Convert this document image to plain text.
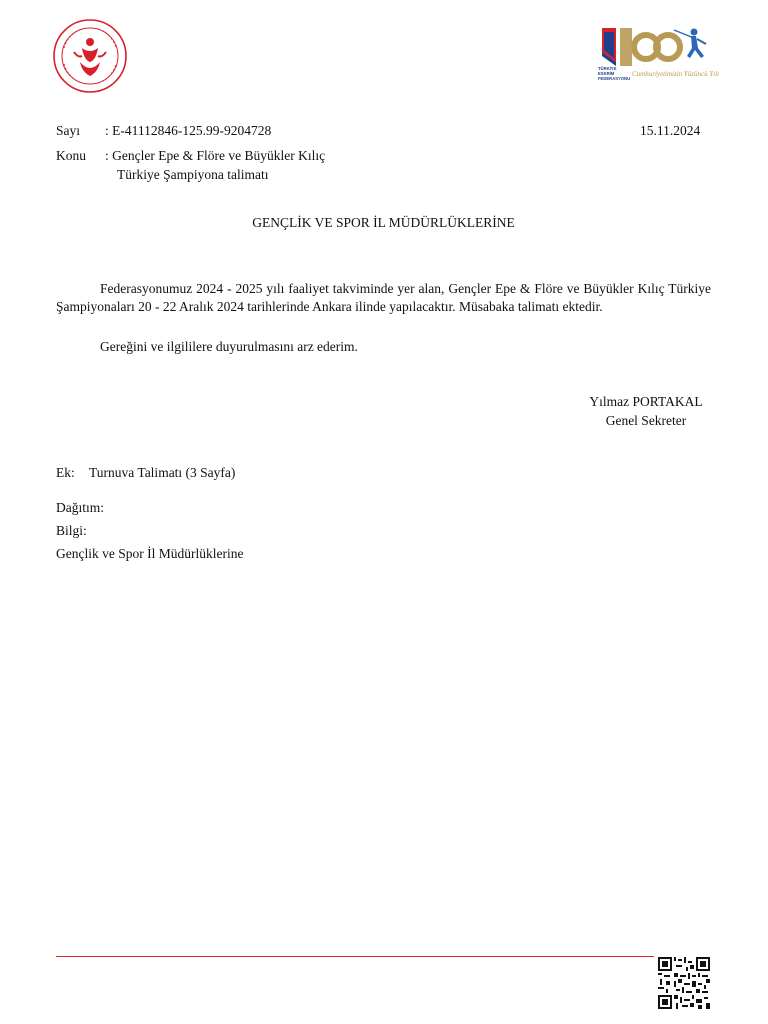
TÜRKİYE ESKRİM FEDERASYONU
Cumhuriyetimizin Yüzüncü Yılı
Sayı : E-41112846-125.99-9204728	15.11.2024
Konu : Gençler Epe & Flöre ve Büyükler Kılıç
Türkiye Şampiyona talimatı
GENÇLİK VE SPOR İL MÜDÜRLÜKLERİNE

Federasyonumuz 2024 - 2025 yılı faaliyet takviminde yer alan, Gençler Epe & Flöre ve Büyükler Kılıç Türkiye Şampiyonaları 20 - 22 Aralık 2024 tarihlerinde Ankara ilinde yapılacaktır. Müsabaka talimatı ektedir.

Gereğini ve ilgililere duyurulmasını arz ederim.

Yılmaz PORTAKAL
Genel Sekreter
Ek: Turnuva Talimatı (3 Sayfa)
Dağıtım:
Bilgi:
Gençlik ve Spor İl Müdürlüklerine
